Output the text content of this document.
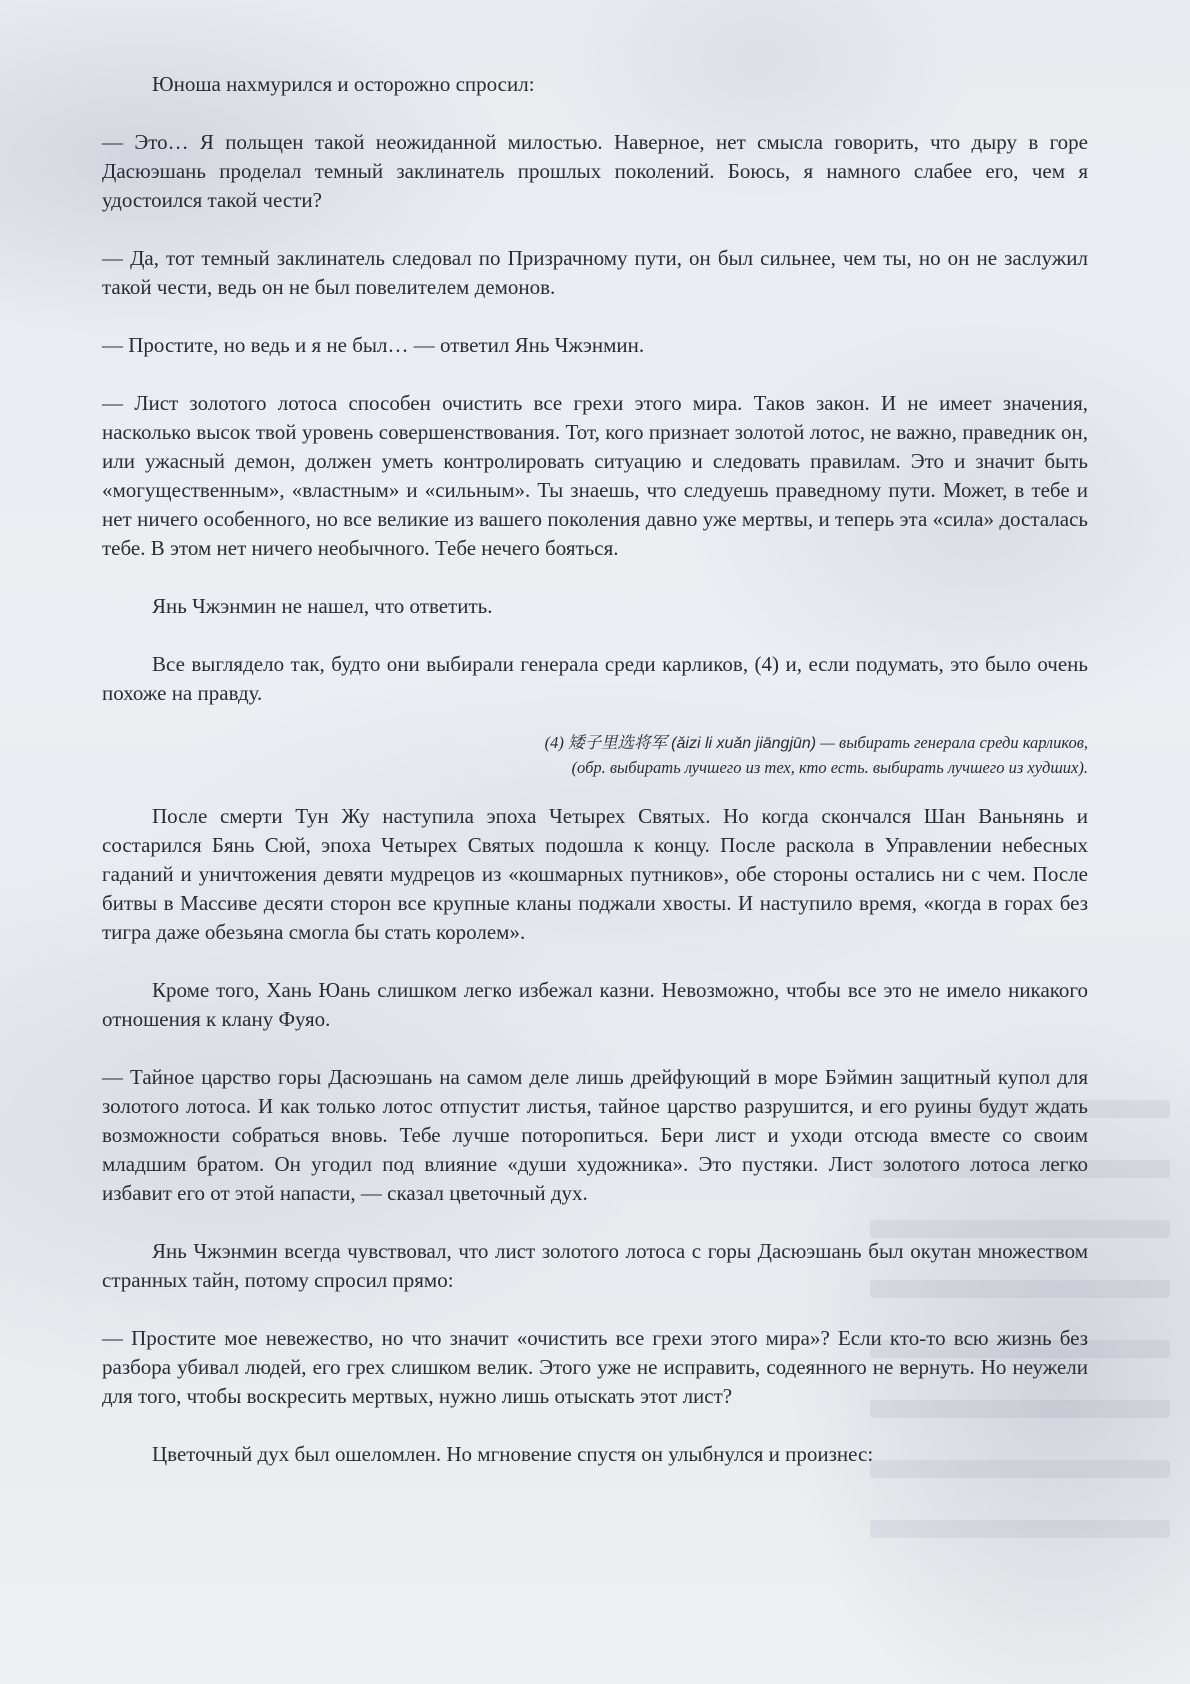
Юноша нахмурился и осторожно спросил:

— Это… Я польщен такой неожиданной милостью. Наверное, нет смысла говорить, что дыру в горе Дасюэшань проделал темный заклинатель прошлых поколений. Боюсь, я намного слабее его, чем я удостоился такой чести?

— Да, тот темный заклинатель следовал по Призрачному пути, он был сильнее, чем ты, но он не заслужил такой чести, ведь он не был повелителем демонов.

— Простите, но ведь и я не был… — ответил Янь Чжэнмин.

— Лист золотого лотоса способен очистить все грехи этого мира. Таков закон. И не имеет значения, насколько высок твой уровень совершенствования. Тот, кого признает золотой лотос, не важно, праведник он, или ужасный демон, должен уметь контролировать ситуацию и следовать правилам. Это и значит быть «могущественным», «властным» и «сильным». Ты знаешь, что следуешь праведному пути. Может, в тебе и нет ничего особенного, но все великие из вашего поколения давно уже мертвы, и теперь эта «сила» досталась тебе. В этом нет ничего необычного. Тебе нечего бояться.

Янь Чжэнмин не нашел, что ответить.

Все выглядело так, будто они выбирали генерала среди карликов, (4) и, если подумать, это было очень похоже на правду.

(4) 矮子里选将军 (ǎizi li xuǎn jiāngjūn) — выбирать генерала среди карликов,
(обр. выбирать лучшего из тех, кто есть. выбирать лучшего из худших).

После смерти Тун Жу наступила эпоха Четырех Святых. Но когда скончался Шан Ваньнянь и состарился Бянь Сюй, эпоха Четырех Святых подошла к концу. После раскола в Управлении небесных гаданий и уничтожения девяти мудрецов из «кошмарных путников», обе стороны остались ни с чем. После битвы в Массиве десяти сторон все крупные кланы поджали хвосты. И наступило время, «когда в горах без тигра даже обезьяна смогла бы стать королем».

Кроме того, Хань Юань слишком легко избежал казни. Невозможно, чтобы все это не имело никакого отношения к клану Фуяо.

— Тайное царство горы Дасюэшань на самом деле лишь дрейфующий в море Бэймин защитный купол для золотого лотоса. И как только лотос отпустит листья, тайное царство разрушится, и его руины будут ждать возможности собраться вновь. Тебе лучше поторопиться. Бери лист и уходи отсюда вместе со своим младшим братом. Он угодил под влияние «души художника». Это пустяки. Лист золотого лотоса легко избавит его от этой напасти, — сказал цветочный дух.

Янь Чжэнмин всегда чувствовал, что лист золотого лотоса с горы Дасюэшань был окутан множеством странных тайн, потому спросил прямо:

— Простите мое невежество, но что значит «очистить все грехи этого мира»? Если кто-то всю жизнь без разбора убивал людей, его грех слишком велик. Этого уже не исправить, содеянного не вернуть. Но неужели для того, чтобы воскресить мертвых, нужно лишь отыскать этот лист?

Цветочный дух был ошеломлен. Но мгновение спустя он улыбнулся и произнес:
